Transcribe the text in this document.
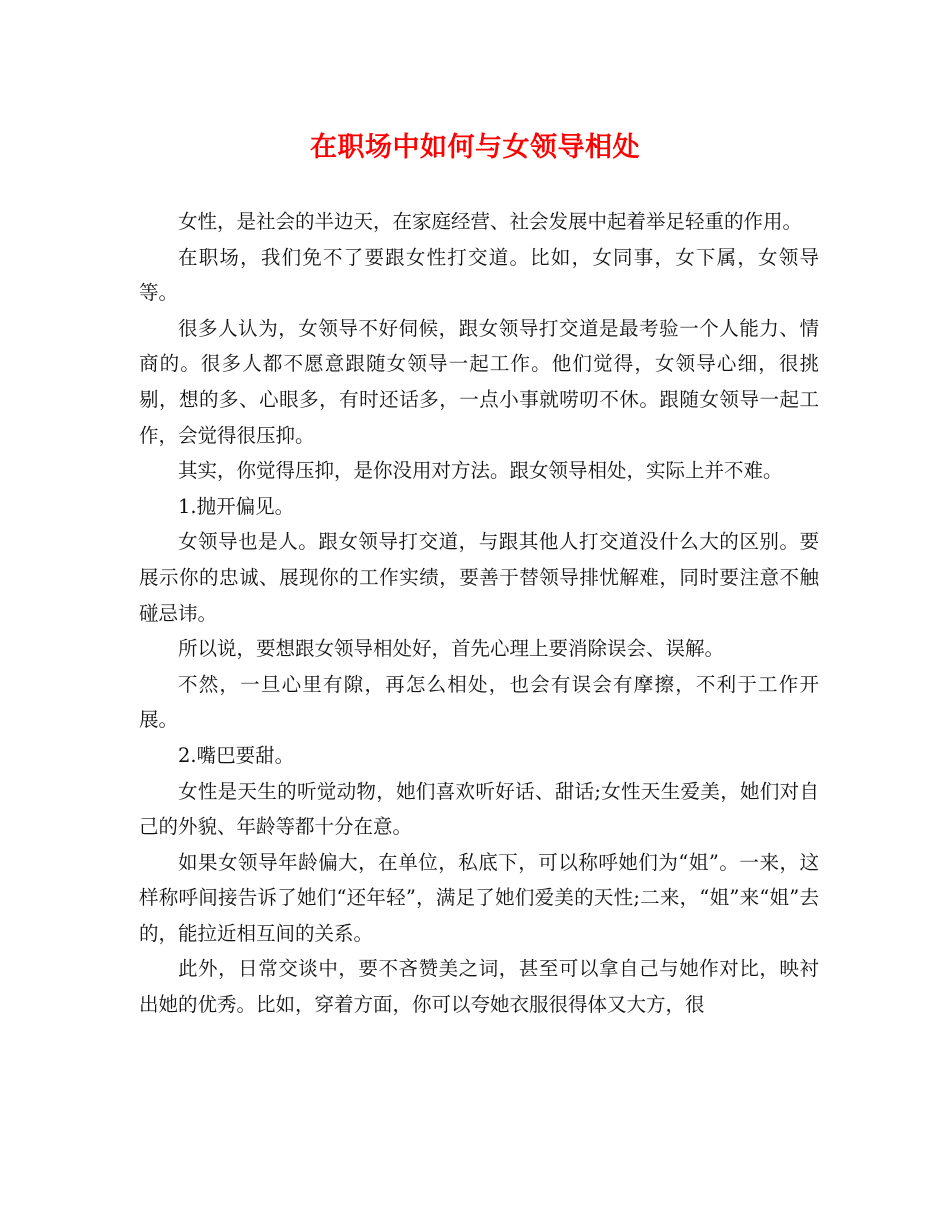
在职场中如何与女领导相处

女性，是社会的半边天，在家庭经营、社会发展中起着举足轻重的作用。

在职场，我们免不了要跟女性打交道。比如，女同事，女下属，女领导等。

很多人认为，女领导不好伺候，跟女领导打交道是最考验一个人能力、情商的。很多人都不愿意跟随女领导一起工作。他们觉得，女领导心细，很挑剔，想的多、心眼多，有时还话多，一点小事就唠叨不休。跟随女领导一起工作，会觉得很压抑。

其实，你觉得压抑，是你没用对方法。跟女领导相处，实际上并不难。

1.抛开偏见。

女领导也是人。跟女领导打交道，与跟其他人打交道没什么大的区别。要展示你的忠诚、展现你的工作实绩，要善于替领导排忧解难，同时要注意不触碰忌讳。

所以说，要想跟女领导相处好，首先心理上要消除误会、误解。

不然，一旦心里有隙，再怎么相处，也会有误会有摩擦，不利于工作开展。

2.嘴巴要甜。

女性是天生的听觉动物，她们喜欢听好话、甜话;女性天生爱美，她们对自己的外貌、年龄等都十分在意。

如果女领导年龄偏大，在单位，私底下，可以称呼她们为“姐”。一来，这样称呼间接告诉了她们“还年轻”，满足了她们爱美的天性;二来，“姐”来“姐”去的，能拉近相互间的关系。

此外，日常交谈中，要不吝赞美之词，甚至可以拿自己与她作对比，映衬出她的优秀。比如，穿着方面，你可以夸她衣服很得体又大方，很
